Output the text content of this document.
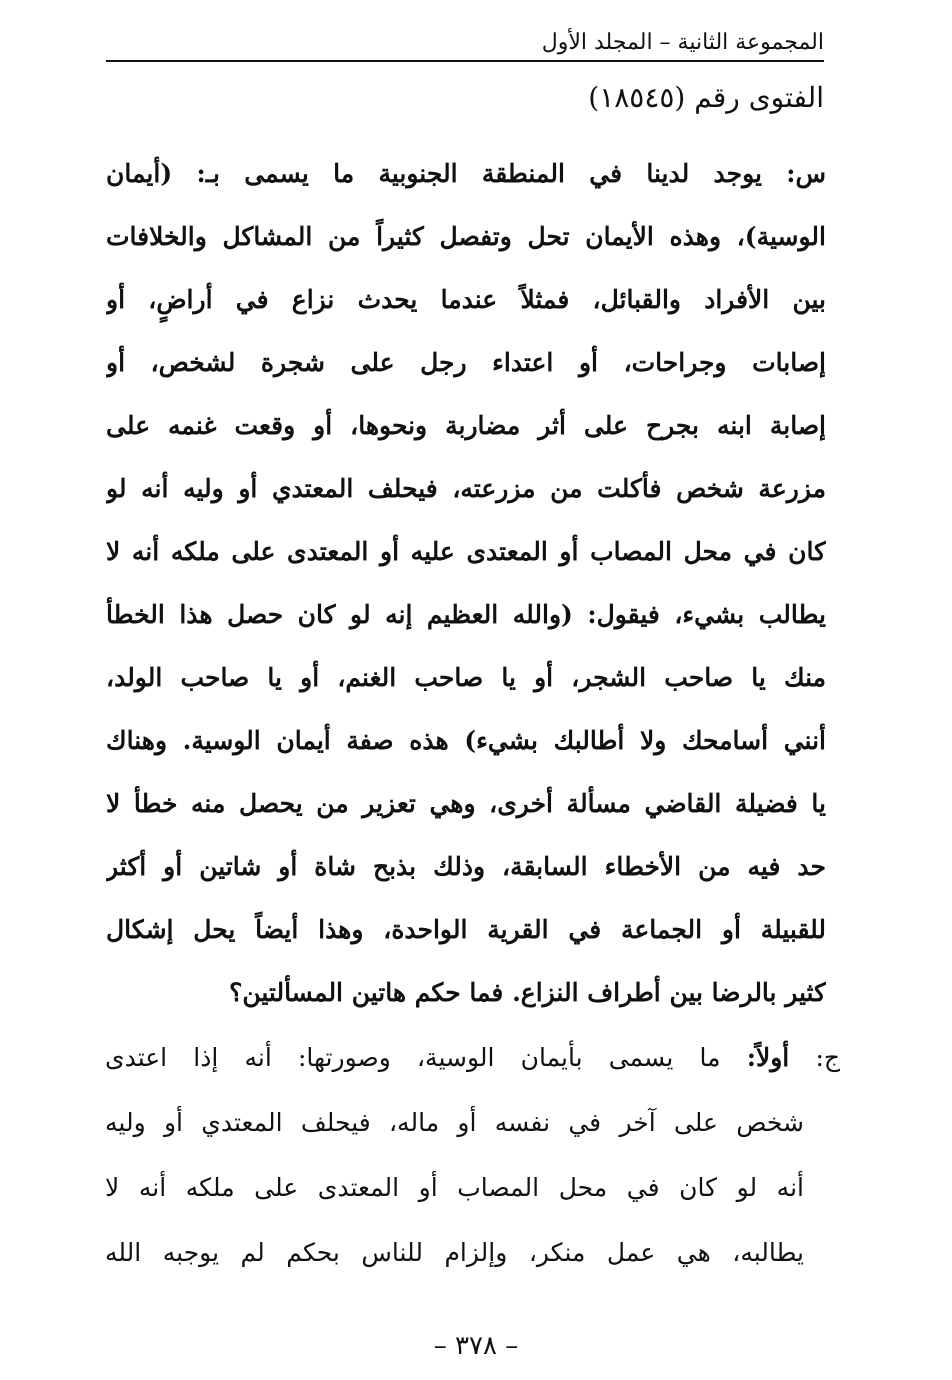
المجموعة الثانية – المجلد الأول
الفتوى رقم (١٨٥٤٥)
س: يوجد لدينا في المنطقة الجنوبية ما يسمى بـ: (أيمان
الوسية)، وهذه الأيمان تحل وتفصل كثيراً من المشاكل والخلافات
بين الأفراد والقبائل، فمثلاً عندما يحدث نزاع في أراضٍ، أو
إصابات وجراحات، أو اعتداء رجل على شجرة لشخص، أو
إصابة ابنه بجرح على أثر مضاربة ونحوها، أو وقعت غنمه على
مزرعة شخص فأكلت من مزرعته، فيحلف المعتدي أو وليه أنه لو
كان في محل المصاب أو المعتدى عليه أو المعتدى على ملكه أنه لا
يطالب بشيء، فيقول: (والله العظيم إنه لو كان حصل هذا الخطأ
منك يا صاحب الشجر، أو يا صاحب الغنم، أو يا صاحب الولد،
أنني أسامحك ولا أطالبك بشيء) هذه صفة أيمان الوسية. وهناك
يا فضيلة القاضي مسألة أخرى، وهي تعزير من يحصل منه خطأ لا
حد فيه من الأخطاء السابقة، وذلك بذبح شاة أو شاتين أو أكثر
للقبيلة أو الجماعة في القرية الواحدة، وهذا أيضاً يحل إشكال
كثير بالرضا بين أطراف النزاع. فما حكم هاتين المسألتين؟
ج: أولاً: ما يسمى بأيمان الوسية، وصورتها: أنه إذا اعتدى
شخص على آخر في نفسه أو ماله، فيحلف المعتدي أو وليه
أنه لو كان في محل المصاب أو المعتدى على ملكه أنه لا
يطالبه، هي عمل منكر، وإلزام للناس بحكم لم يوجبه الله
– ٣٧٨ –
